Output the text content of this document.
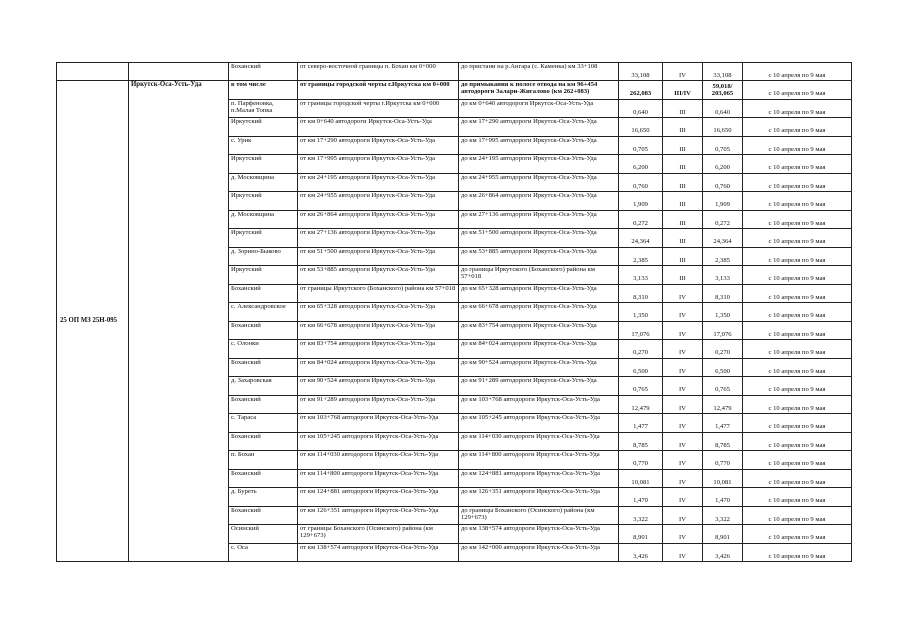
		Боханский	от северо-восточной границы п. Бохан км 0+000	до пристани на р.Ангара (с. Каменка) км 33+108	33,108	IV	33,108	с 10 апреля по 9 мая
25 ОП МЗ 25Н-095	Иркутск-Оса-Усть-Уда	в том числе	от границы городской черты г.Иркутска км 0+000	до примыкания к полосе отвода на км 96+454 автодороги Залари-Жигалово (км 262+083)	262,083	III/IV	59,018/ 203,065	с 10 апреля по 9 мая
		п. Парфеновка, п.Малая Топка	от границы городской черты г.Иркутска км 0+000	до км 0+640 автодороги Иркутск-Оса-Усть-Уда	0,640	III	0,640	с 10 апреля по 9 мая
		Иркутский	от км 0+640 автодороги Иркутск-Оса-Усть-Уда	до км 17+290 автодороги Иркутск-Оса-Усть-Уда	16,650	III	16,650	с 10 апреля по 9 мая
		с. Урик	от км 17+290 автодороги Иркутск-Оса-Усть-Уда	до км 17+995 автодороги Иркутск-Оса-Усть-Уда	0,705	III	0,705	с 10 апреля по 9 мая
		Иркутский	от км 17+995 автодороги Иркутск-Оса-Усть-Уда	до км 24+195 автодороги Иркутск-Оса-Усть-Уда	6,200	III	6,200	с 10 апреля по 9 мая
		д. Московщина	от км 24+195 автодороги Иркутск-Оса-Усть-Уда	до км 24+955 автодороги Иркутск-Оса-Усть-Уда	0,760	III	0,760	с 10 апреля по 9 мая
		Иркутский	от км 24+955 автодороги Иркутск-Оса-Усть-Уда	до км 26+864 автодороги Иркутск-Оса-Усть-Уда	1,909	III	1,909	с 10 апреля по 9 мая
		д. Московщина	от км 26+864 автодороги Иркутск-Оса-Усть-Уда	до км 27+136 автодороги Иркутск-Оса-Усть-Уда	0,272	III	0,272	с 10 апреля по 9 мая
		Иркутский	от км 27+136 автодороги Иркутск-Оса-Усть-Уда	до км 51+500 автодороги Иркутск-Оса-Усть-Уда	24,364	III	24,364	с 10 апреля по 9 мая
		д. Зорино-Быково	от км 51+500 автодороги Иркутск-Оса-Усть-Уда	до км 53+885 автодороги Иркутск-Оса-Усть-Уда	2,385	III	2,385	с 10 апреля по 9 мая
		Иркутский	от км 53+885 автодороги Иркутск-Оса-Усть-Уда	до границы Иркутского (Боханского) района км 57+018	3,133	III	3,133	с 10 апреля по 9 мая
		Боханский	от границы Иркутского (Боханского) района км 57+018	до км 65+328 автодороги Иркутск-Оса-Усть-Уда	8,310	IV	8,310	с 10 апреля по 9 мая
		с. Александровское	от км 65+328 автодороги Иркутск-Оса-Усть-Уда	до км 66+678 автодороги Иркутск-Оса-Усть-Уда	1,350	IV	1,350	с 10 апреля по 9 мая
		Боханский	от км 66+678 автодороги Иркутск-Оса-Усть-Уда	до км 83+754 автодороги Иркутск-Оса-Усть-Уда	17,076	IV	17,076	с 10 апреля по 9 мая
		с. Олонки	от км 83+754 автодороги Иркутск-Оса-Усть-Уда	до км 84+024 автодороги Иркутск-Оса-Усть-Уда	0,270	IV	0,270	с 10 апреля по 9 мая
		Боханский	от км 84+024 автодороги Иркутск-Оса-Усть-Уда	до км 90+524 автодороги Иркутск-Оса-Усть-Уда	6,500	IV	6,500	с 10 апреля по 9 мая
		д. Захаровская	от км 90+524 автодороги Иркутск-Оса-Усть-Уда	до км 91+289 автодороги Иркутск-Оса-Усть-Уда	0,765	IV	0,765	с 10 апреля по 9 мая
		Боханский	от км 91+289 автодороги Иркутск-Оса-Усть-Уда	до км 103+768 автодороги Иркутск-Оса-Усть-Уда	12,479	IV	12,479	с 10 апреля по 9 мая
		с. Тараса	от км 103+768 автодороги Иркутск-Оса-Усть-Уда	до км 105+245 автодороги Иркутск-Оса-Усть-Уда	1,477	IV	1,477	с 10 апреля по 9 мая
		Боханский	от км 105+245 автодороги Иркутск-Оса-Усть-Уда	до км 114+030 автодороги Иркутск-Оса-Усть-Уда	8,785	IV	8,785	с 10 апреля по 9 мая
		п. Бохан	от км 114+030 автодороги Иркутск-Оса-Усть-Уда	до км 114+800 автодороги Иркутск-Оса-Усть-Уда	0,770	IV	0,770	с 10 апреля по 9 мая
		Боханский	от км 114+800 автодороги Иркутск-Оса-Усть-Уда	до км 124+881 автодороги Иркутск-Оса-Усть-Уда	10,081	IV	10,081	с 10 апреля по 9 мая
		д. Буреть	от км 124+881 автодороги Иркутск-Оса-Усть-Уда	до км 126+351 автодороги Иркутск-Оса-Усть-Уда	1,470	IV	1,470	с 10 апреля по 9 мая
		Боханский	от км 126+351 автодороги Иркутск-Оса-Усть-Уда	до границы Боханского (Осинского) района (км 129+673)	3,322	IV	3,322	с 10 апреля по 9 мая
		Осинский	от границы Боханского (Осинского) района (км 129+673)	до км 138+574 автодороги Иркутск-Оса-Усть-Уда	8,901	IV	8,901	с 10 апреля по 9 мая
		с. Оса	от км 138+574 автодороги Иркутск-Оса-Усть-Уда	до км 142+000 автодороги Иркутск-Оса-Усть-Уда	3,426	IV	3,426	с 10 апреля по 9 мая
